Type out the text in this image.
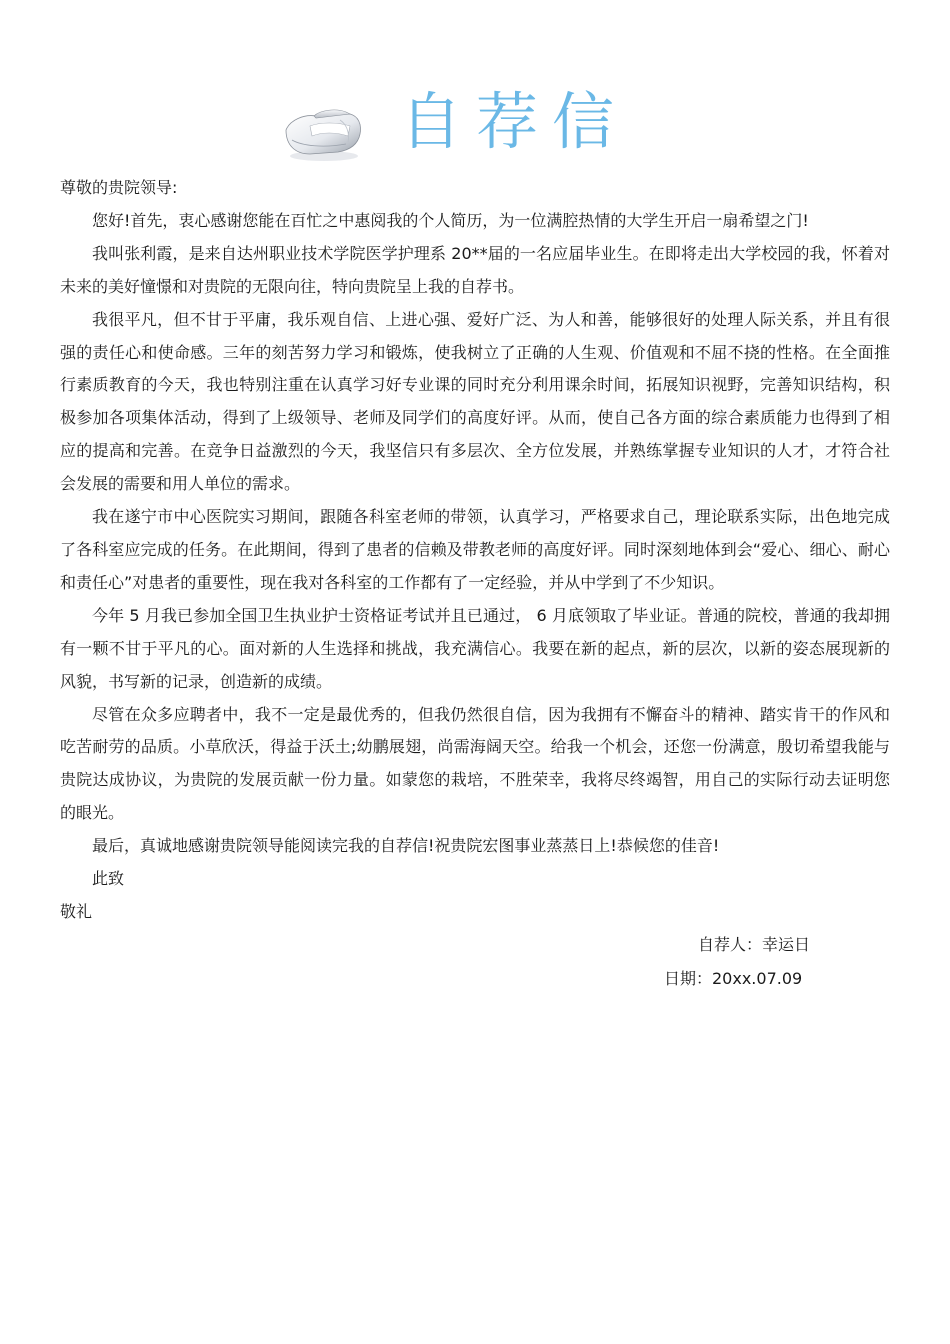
自荐信

尊敬的贵院领导:

您好!首先，衷心感谢您能在百忙之中惠阅我的个人简历，为一位满腔热情的大学生开启一扇希望之门!

我叫张利霞，是来自达州职业技术学院医学护理系 20**届的一名应届毕业生。在即将走出大学校园的我，怀着对未来的美好憧憬和对贵院的无限向往，特向贵院呈上我的自荐书。

我很平凡，但不甘于平庸，我乐观自信、上进心强、爱好广泛、为人和善，能够很好的处理人际关系，并且有很强的责任心和使命感。三年的刻苦努力学习和锻炼，使我树立了正确的人生观、价值观和不屈不挠的性格。在全面推行素质教育的今天，我也特别注重在认真学习好专业课的同时充分利用课余时间，拓展知识视野，完善知识结构，积极参加各项集体活动，得到了上级领导、老师及同学们的高度好评。从而，使自己各方面的综合素质能力也得到了相应的提高和完善。在竞争日益激烈的今天，我坚信只有多层次、全方位发展，并熟练掌握专业知识的人才，才符合社会发展的需要和用人单位的需求。

我在遂宁市中心医院实习期间，跟随各科室老师的带领，认真学习，严格要求自己，理论联系实际，出色地完成了各科室应完成的任务。在此期间，得到了患者的信赖及带教老师的高度好评。同时深刻地体到会“爱心、细心、耐心和责任心”对患者的重要性，现在我对各科室的工作都有了一定经验，并从中学到了不少知识。

今年 5 月我已参加全国卫生执业护士资格证考试并且已通过， 6 月底领取了毕业证。普通的院校，普通的我却拥有一颗不甘于平凡的心。面对新的人生选择和挑战，我充满信心。我要在新的起点，新的层次，以新的姿态展现新的风貌，书写新的记录，创造新的成绩。

尽管在众多应聘者中，我不一定是最优秀的，但我仍然很自信，因为我拥有不懈奋斗的精神、踏实肯干的作风和吃苦耐劳的品质。小草欣沃，得益于沃土;幼鹏展翅，尚需海阔天空。给我一个机会，还您一份满意，殷切希望我能与贵院达成协议，为贵院的发展贡献一份力量。如蒙您的栽培，不胜荣幸，我将尽终竭智，用自己的实际行动去证明您的眼光。

最后，真诚地感谢贵院领导能阅读完我的自荐信!祝贵院宏图事业蒸蒸日上!恭候您的佳音!

此致

敬礼

自荐人：幸运日
日期：20xx.07.09
